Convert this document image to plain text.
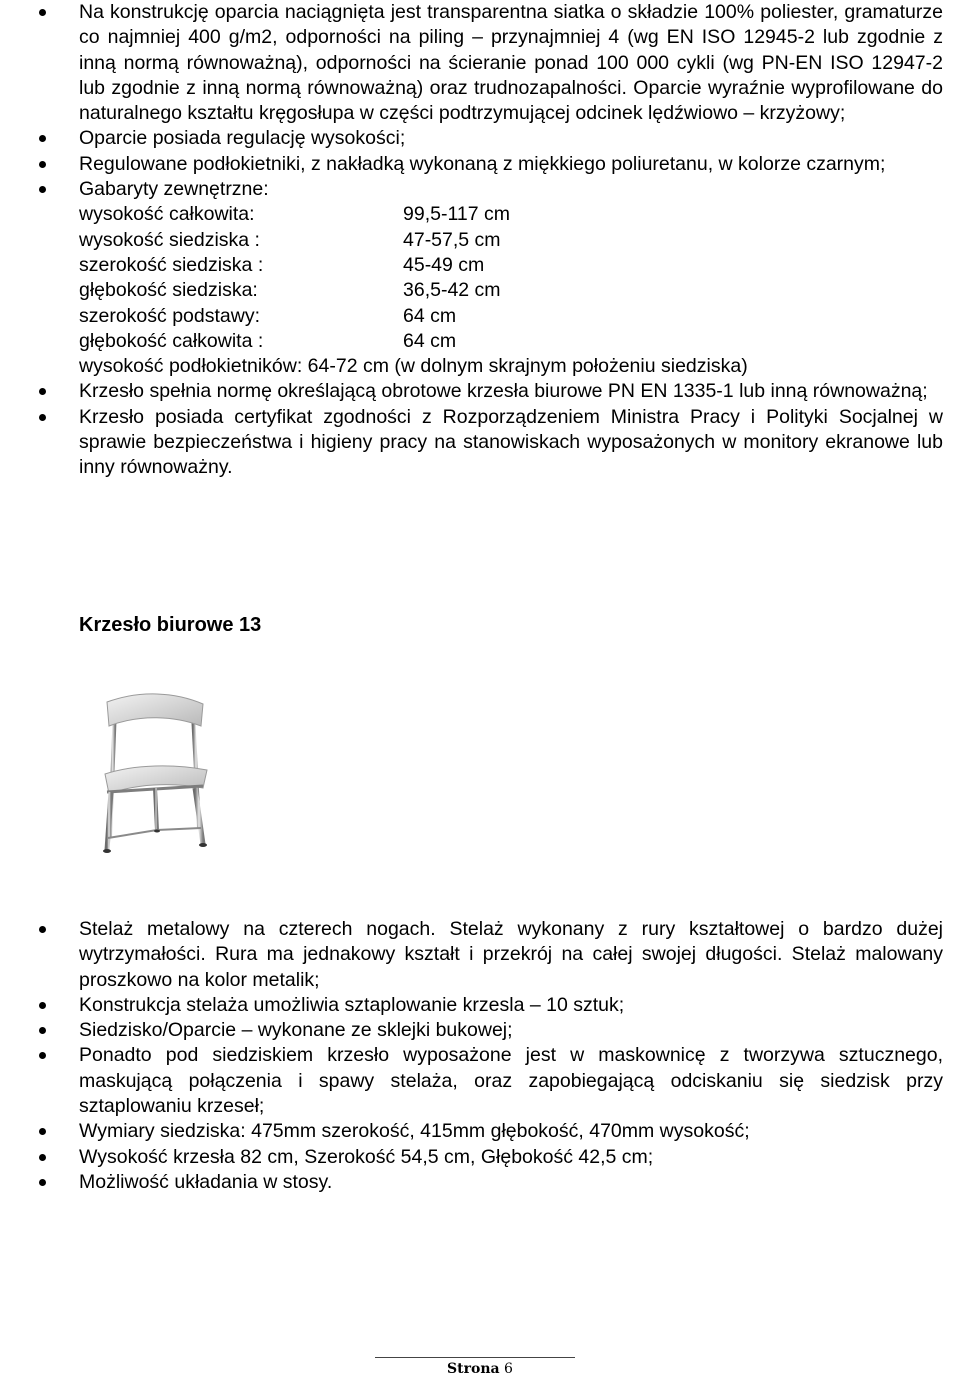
Na konstrukcję oparcia naciągnięta jest transparentna siatka o składzie 100% poliester, gramaturze co najmniej 400 g/m2, odporności na piling – przynajmniej 4 (wg EN ISO 12945-2 lub zgodnie z inną normą równoważną), odporności na ścieranie ponad 100 000 cykli (wg PN-EN ISO 12947-2 lub zgodnie z inną normą równoważną) oraz trudnozapalności. Oparcie wyraźnie wyprofilowane do naturalnego kształtu kręgosłupa w części podtrzymującej odcinek lędźwiowo – krzyżowy;
Oparcie posiada regulację wysokości;
Regulowane podłokietniki, z nakładką wykonaną z miękkiego poliuretanu, w kolorze czarnym;
Gabaryty zewnętrzne:
wysokość całkowita:	99,5-117 cm
wysokość siedziska :	47-57,5 cm
szerokość siedziska :	45-49 cm
głębokość siedziska:	36,5-42 cm
szerokość podstawy:	64 cm
głębokość całkowita :	64 cm
wysokość podłokietników: 64-72 cm (w dolnym skrajnym położeniu siedziska)
Krzesło spełnia normę określającą obrotowe krzesła biurowe PN EN 1335-1 lub inną równoważną;
Krzesło posiada certyfikat zgodności z Rozporządzeniem Ministra Pracy i Polityki Socjalnej w sprawie bezpieczeństwa i higieny pracy na stanowiskach wyposażonych w monitory ekranowe lub inny równoważny.
Krzesło biurowe 13
Stelaż metalowy na czterech nogach. Stelaż wykonany z rury kształtowej o bardzo dużej wytrzymałości. Rura ma jednakowy kształt i przekrój na całej swojej długości. Stelaż malowany proszkowo na kolor metalik;
Konstrukcja stelaża umożliwia sztaplowanie krzesla – 10 sztuk;
Siedzisko/Oparcie – wykonane ze sklejki bukowej;
Ponadto pod siedziskiem krzesło wyposażone jest w maskownicę z tworzywa sztucznego, maskującą połączenia i spawy stelaża, oraz zapobiegającą odciskaniu się siedzisk przy sztaplowaniu krzeseł;
Wymiary siedziska: 475mm szerokość, 415mm głębokość, 470mm wysokość;
Wysokość krzesła 82 cm, Szerokość 54,5 cm, Głębokość 42,5 cm;
Możliwość układania w stosy.
Strona 6
